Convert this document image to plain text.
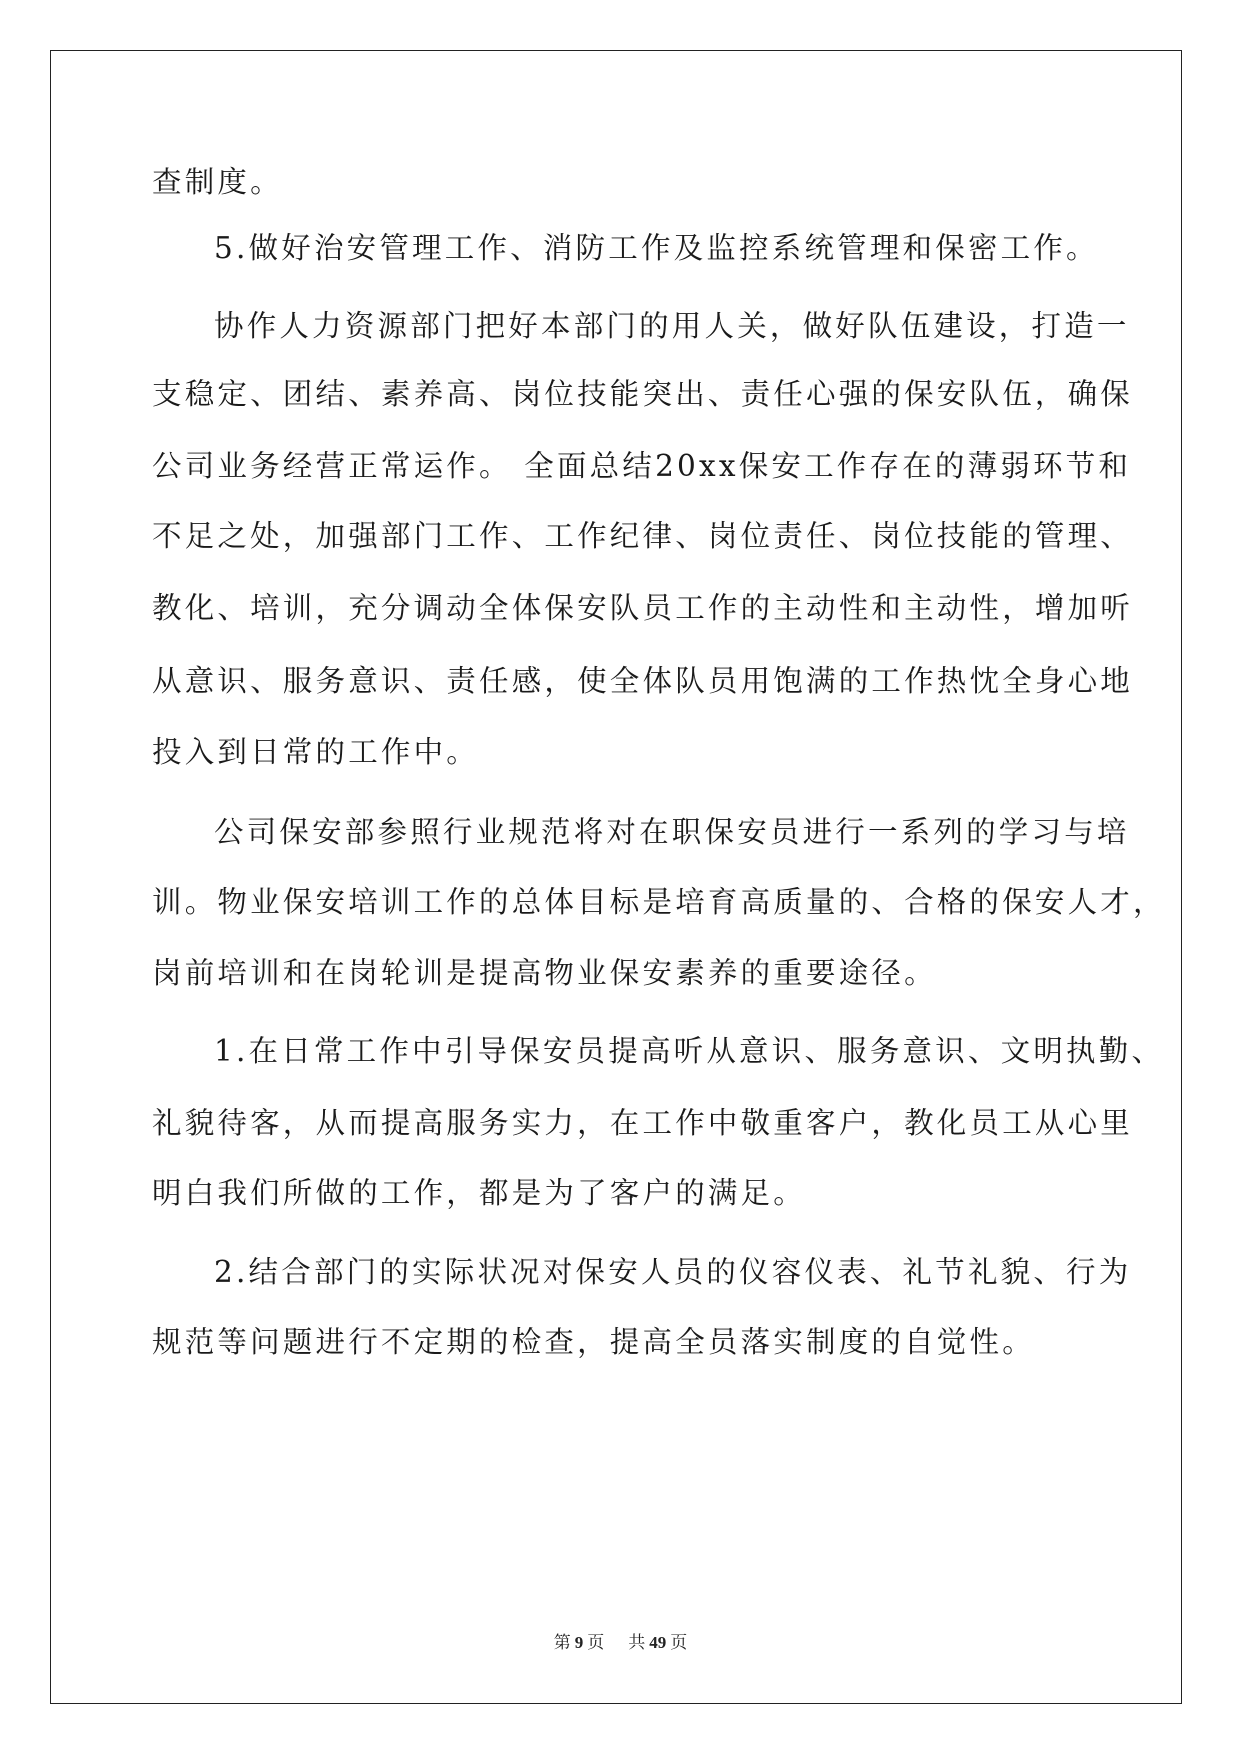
查制度。
5.做好治安管理工作、消防工作及监控系统管理和保密工作。
协作人力资源部门把好本部门的用人关，做好队伍建设，打造一
支稳定、团结、素养高、岗位技能突出、责任心强的保安队伍，确保
公司业务经营正常运作。 全面总结20xx保安工作存在的薄弱环节和
不足之处，加强部门工作、工作纪律、岗位责任、岗位技能的管理、
教化、培训，充分调动全体保安队员工作的主动性和主动性，增加听
从意识、服务意识、责任感，使全体队员用饱满的工作热忱全身心地
投入到日常的工作中。
公司保安部参照行业规范将对在职保安员进行一系列的学习与培
训。物业保安培训工作的总体目标是培育高质量的、合格的保安人才，
岗前培训和在岗轮训是提高物业保安素养的重要途径。
1.在日常工作中引导保安员提高听从意识、服务意识、文明执勤、
礼貌待客，从而提高服务实力，在工作中敬重客户，教化员工从心里
明白我们所做的工作，都是为了客户的满足。
2.结合部门的实际状况对保安人员的仪容仪表、礼节礼貌、行为
规范等问题进行不定期的检查，提高全员落实制度的自觉性。
第 9 页 共 49 页
